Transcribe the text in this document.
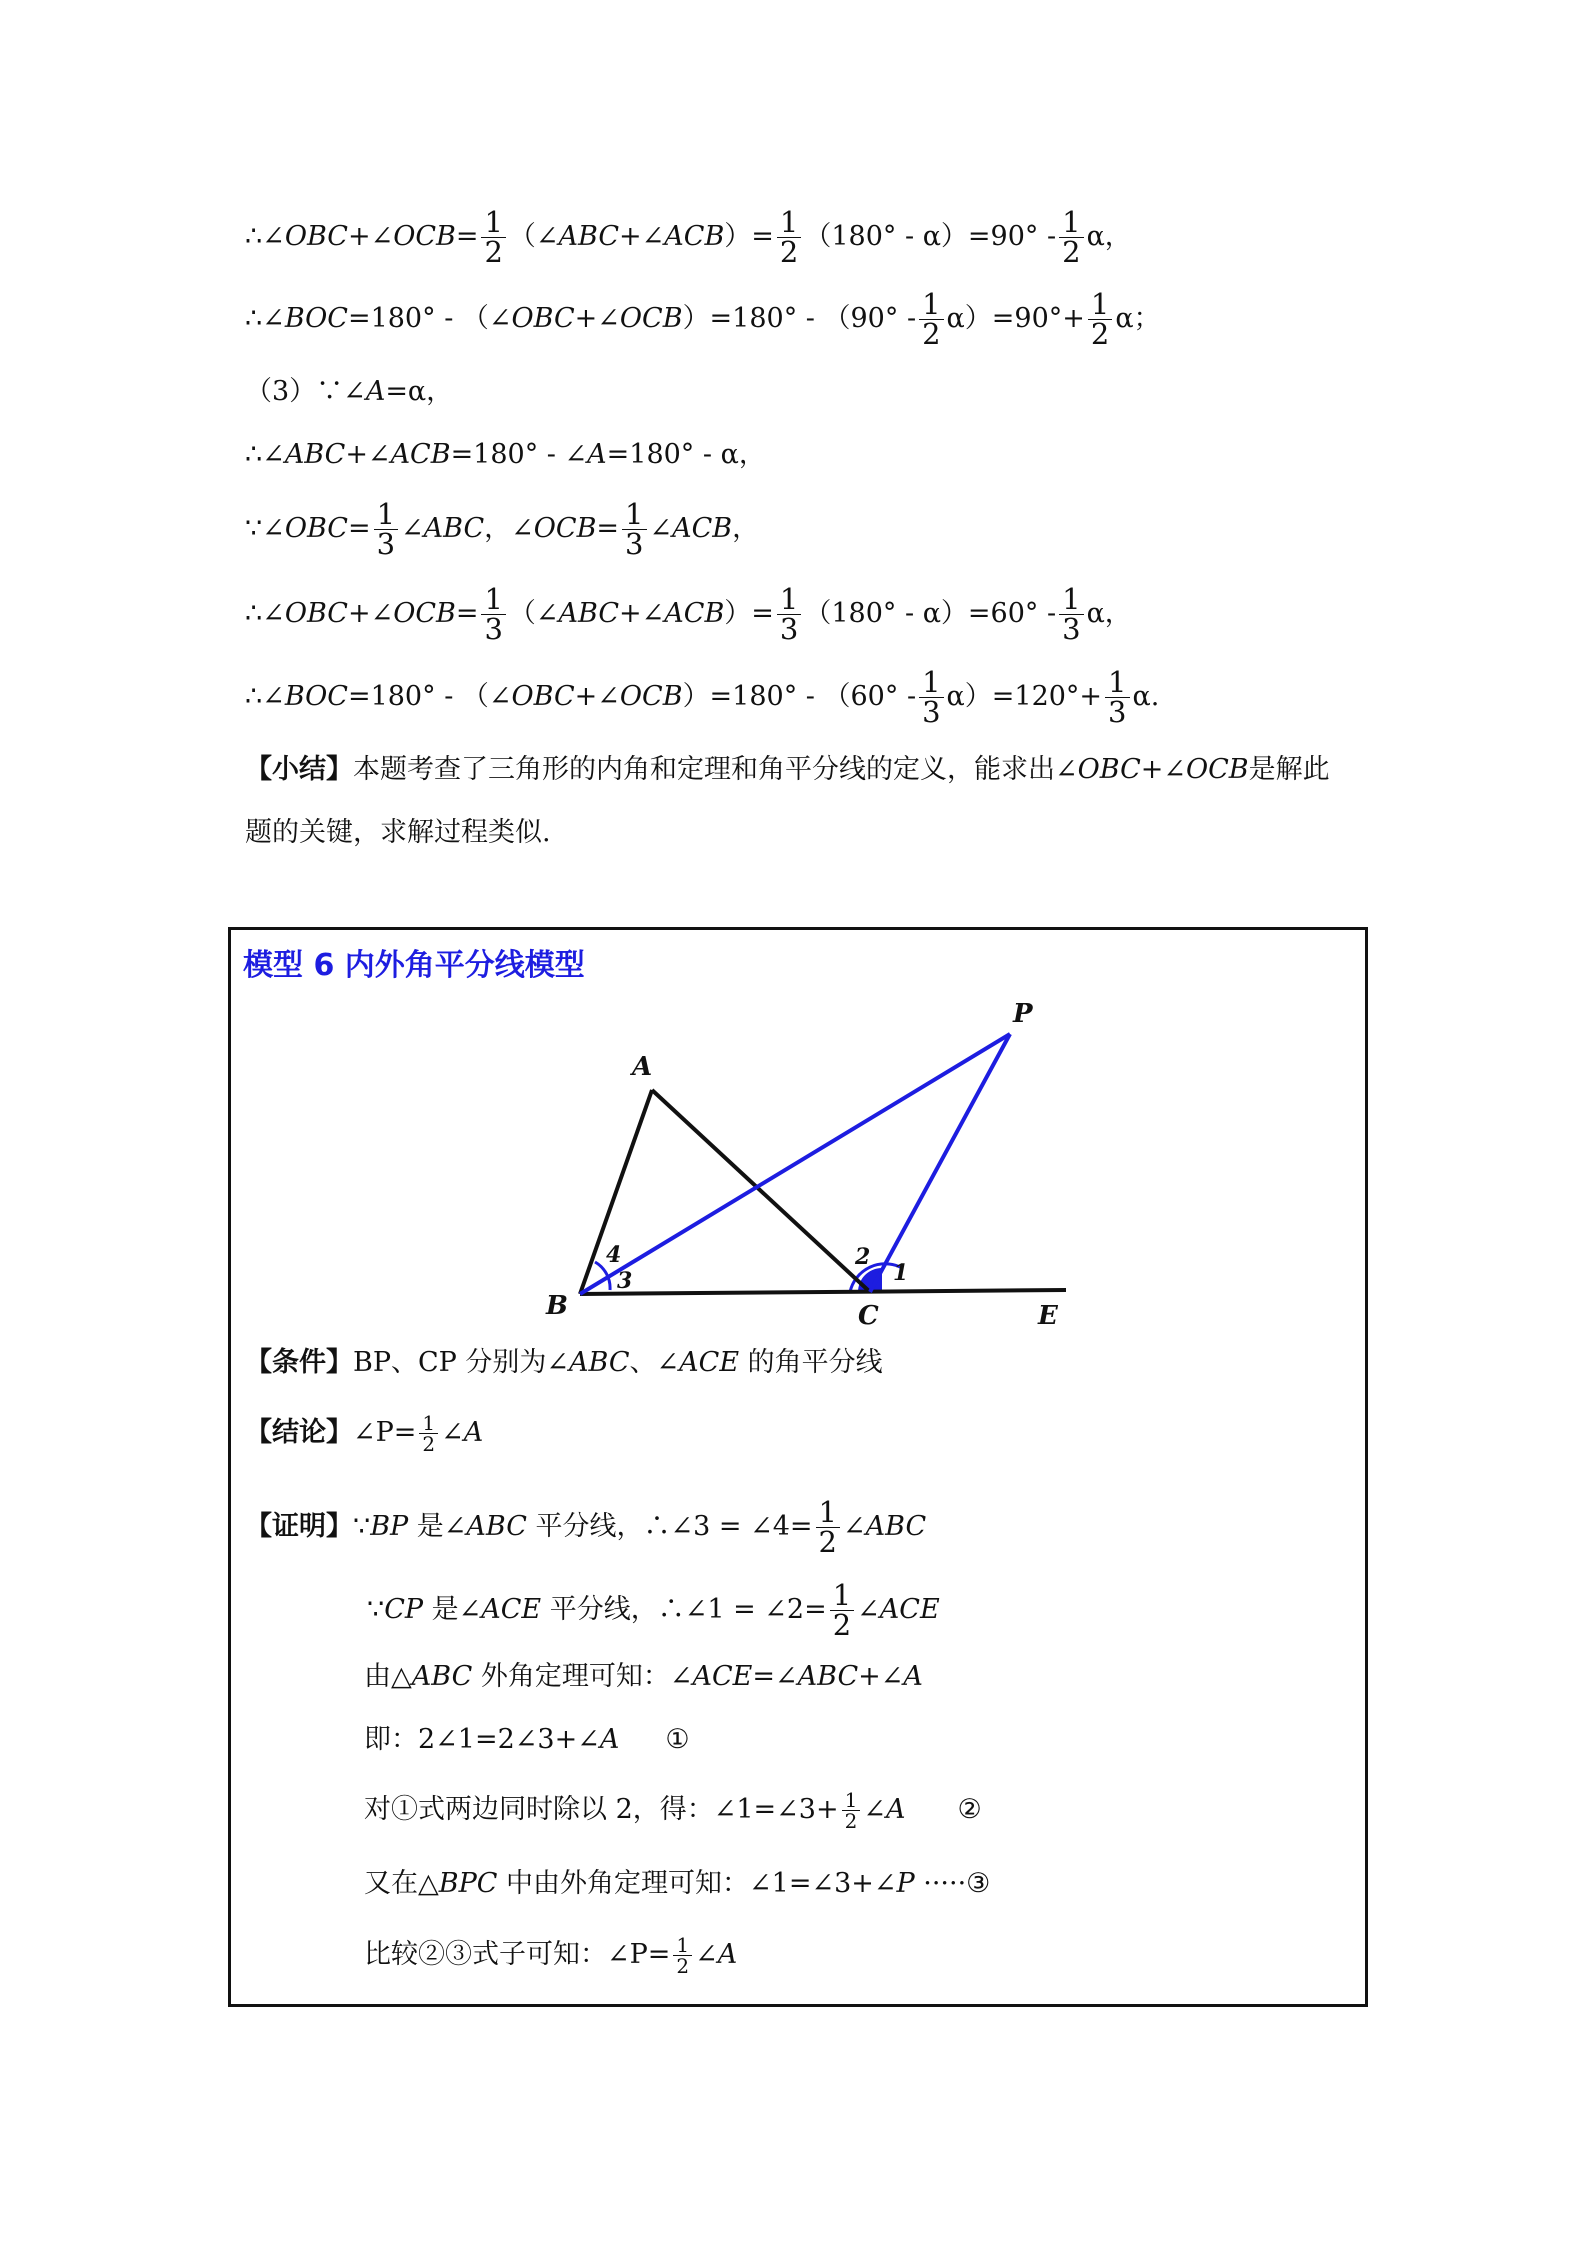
∴∠OBC+∠OCB= $\frac{1}{2}$ （∠ABC+∠ACB）= $\frac{1}{2} (180^\circ - \alpha)=90^\circ - \frac{1}{2}$ α，
∴∠BOC=180° - （∠OBC+∠OCB）=180° - $(90^\circ - \frac{1}{2} \alpha)=90^\circ+ \frac{1}{2}$ α；
（3）∵∠A=α，
∴∠ABC+∠ACB=180° - ∠A=180° - α，
∵∠OBC= $\frac{1}{3}$ ∠ABC，∠OCB= $\frac{1}{3}$ ∠ACB，
∴∠OBC+∠OCB= $\frac{1}{3}$ （∠ABC+∠ACB）= $\frac{1}{3} (180^\circ - \alpha)=60^\circ - \frac{1}{3}$ α，
∴∠BOC=180° - （∠OBC+∠OCB）=180° - $(60^\circ - \frac{1}{3} \alpha)=120^\circ+ \frac{1}{3} \alpha$.
【小结】本题考查了三角形的内角和定理和角平分线的定义，能求出∠OBC+∠OCB是解此
题的关键，求解过程类似.
模型 6 内外角平分线模型
A
B	C	E
P
4
3
2
1
【条件】BP、CP 分别为∠ABC、∠ACE 的角平分线
【结论】∠P= $\frac{1}{2}$ ∠A
【证明】∵BP 是∠ABC 平分线，∴∠3 = ∠4= $\frac{1}{2}$ ∠ABC
∵CP 是∠ACE 平分线，∴∠1 = ∠2= $\frac{1}{2}$ ∠ACE
由△ABC 外角定理可知：∠ACE=∠ABC+∠A
即：2∠1=2∠3+∠A ①
对①式两边同时除以 2，得：∠1=∠3+ $\frac{1}{2}$ ∠A ②
又在△BPC 中由外角定理可知：∠1=∠3+∠P ·····③
比较②③式子可知：∠P= $\frac{1}{2}$ ∠A
